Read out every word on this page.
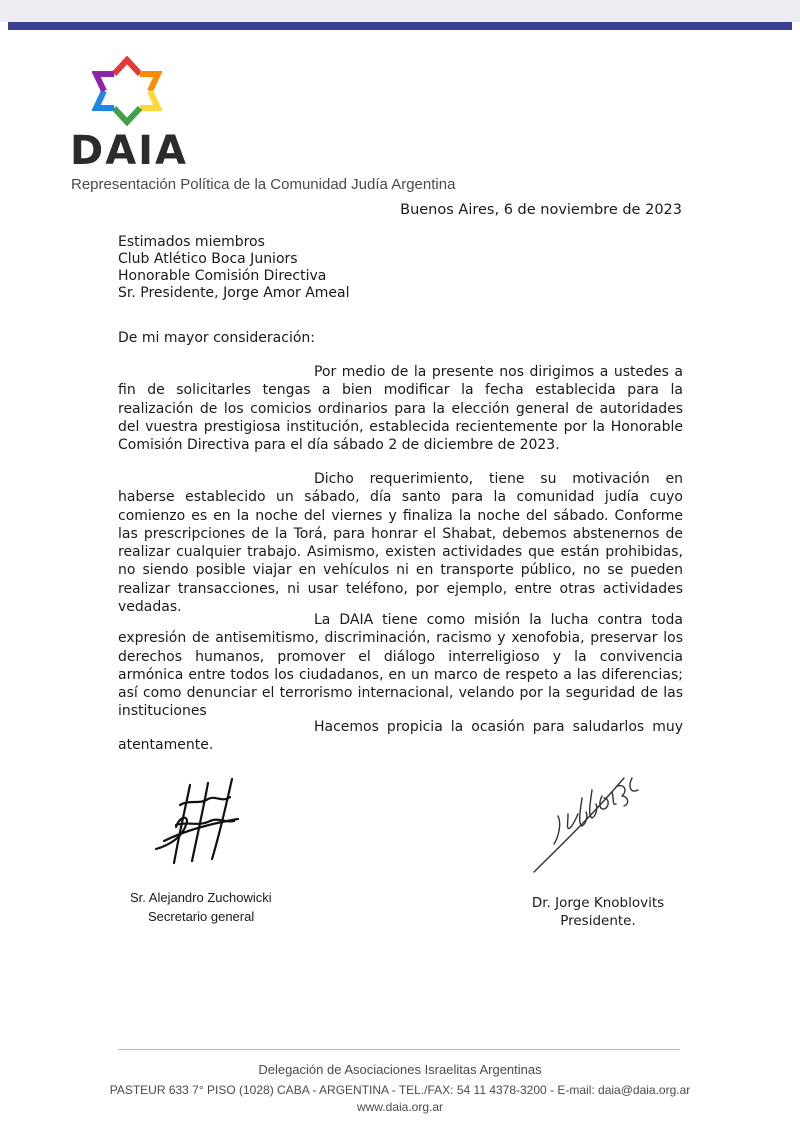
DAIA
Representación Política de la Comunidad Judía Argentina
Buenos Aires, 6 de noviembre de 2023
Estimados miembros
Club Atlético Boca Juniors
Honorable Comisión Directiva
Sr. Presidente, Jorge Amor Ameal
De mi mayor consideración:
Por medio de la presente nos dirigimos a ustedes a fin de solicitarles tengas a bien modificar la fecha establecida para la realización de los comicios ordinarios para la elección general de autoridades del vuestra prestigiosa institución, establecida recientemente por la Honorable Comisión Directiva para el día sábado 2 de diciembre de 2023.
Dicho requerimiento, tiene su motivación en haberse establecido un sábado, día santo para la comunidad judía cuyo comienzo es en la noche del viernes y finaliza la noche del sábado. Conforme las prescripciones de la Torá, para honrar el Shabat, debemos abstenernos de realizar cualquier trabajo. Asimismo, existen actividades que están prohibidas, no siendo posible viajar en vehículos ni en transporte público, no se pueden realizar transacciones, ni usar teléfono, por ejemplo, entre otras actividades vedadas.
La DAIA tiene como misión la lucha contra toda expresión de antisemitismo, discriminación, racismo y xenofobia, preservar los derechos humanos, promover el diálogo interreligioso y la convivencia armónica entre todos los ciudadanos, en un marco de respeto a las diferencias; así como denunciar el terrorismo internacional, velando por la seguridad de las instituciones
Hacemos propicia la ocasión para saludarlos muy atentamente.
Sr. Alejandro Zuchowicki
Secretario general
Dr. Jorge Knoblovits
Presidente.
Delegación de Asociaciones Israelitas Argentinas
PASTEUR 633 7° PISO (1028) CABA - ARGENTINA - TEL./FAX: 54 11 4378-3200 - E-mail: daia@daia.org.ar
www.daia.org.ar
